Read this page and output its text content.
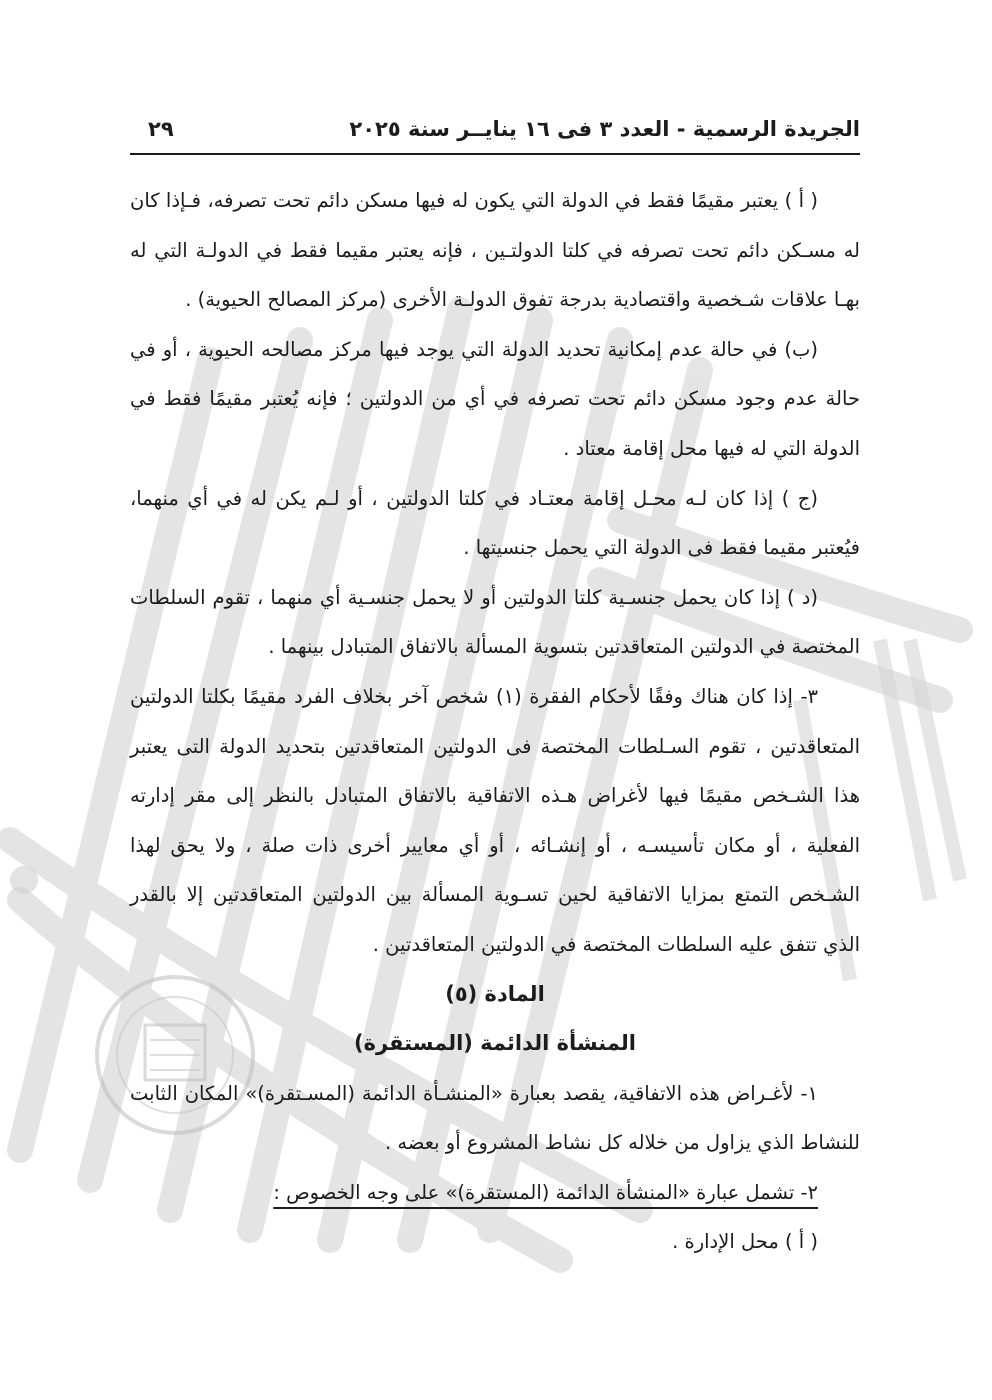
الجريدة الرسمية - العدد ٣ فى ١٦ ينايــر سنة ٢٠٢٥
٢٩

( أ ) يعتبر مقيمًا فقط في الدولة التي يكون له فيها مسكن دائم تحت تصرفه، فـإذا كان له مسـكن دائم تحت تصرفه في كلتا الدولتـين ، فإنه يعتبر مقيما فقط في الدولـة التي له بهـا علاقات شـخصية واقتصادية بدرجة تفوق الدولـة الأخرى (مركز المصالح الحيوية) .

(ب) في حالة عدم إمكانية تحديد الدولة التي يوجد فيها مركز مصالحه الحيوية ، أو في حالة عدم وجود مسكن دائم تحت تصرفه في أي من الدولتين ؛ فإنه يُعتبر مقيمًا فقط في الدولة التي له فيها محل إقامة معتاد .

(ج ) إذا كان لـه محـل إقامة معتـاد في كلتا الدولتين ، أو لـم يكن له في أي منهما، فيُعتبر مقيما فقط فى الدولة التي يحمل جنسيتها .

(د ) إذا كان يحمل جنسـية كلتا الدولتين أو لا يحمل جنسـية أي منهما ، تقوم السلطات المختصة في الدولتين المتعاقدتين بتسوية المسألة بالاتفاق المتبادل بينهما .

٣- إذا كان هناك وفقًا لأحكام الفقرة (١) شخص آخر بخلاف الفرد مقيمًا بكلتا الدولتين المتعاقدتين ، تقوم السـلطات المختصة فى الدولتين المتعاقدتين بتحديد الدولة التى يعتبر هذا الشـخص مقيمًا فيها لأغراض هـذه الاتفاقية بالاتفاق المتبادل بالنظر إلى مقر إدارته الفعلية ، أو مكان تأسيسـه ، أو إنشـائه ، أو أي معايير أخرى ذات صلة ، ولا يحق لهذا الشـخص التمتع بمزايا الاتفاقية لحين تسـوية المسألة بين الدولتين المتعاقدتين إلا بالقدر الذي تتفق عليه السلطات المختصة في الدولتين المتعاقدتين .

المادة (٥)

المنشأة الدائمة (المستقرة)

١- لأغـراض هذه الاتفاقية، يقصد بعبارة «المنشـأة الدائمة (المسـتقرة)» المكان الثابت للنشاط الذي يزاول من خلاله كل نشاط المشروع أو بعضه .

٢- تشمل عبارة «المنشأة الدائمة (المستقرة)» على وجه الخصوص :

( أ ) محل الإدارة .
